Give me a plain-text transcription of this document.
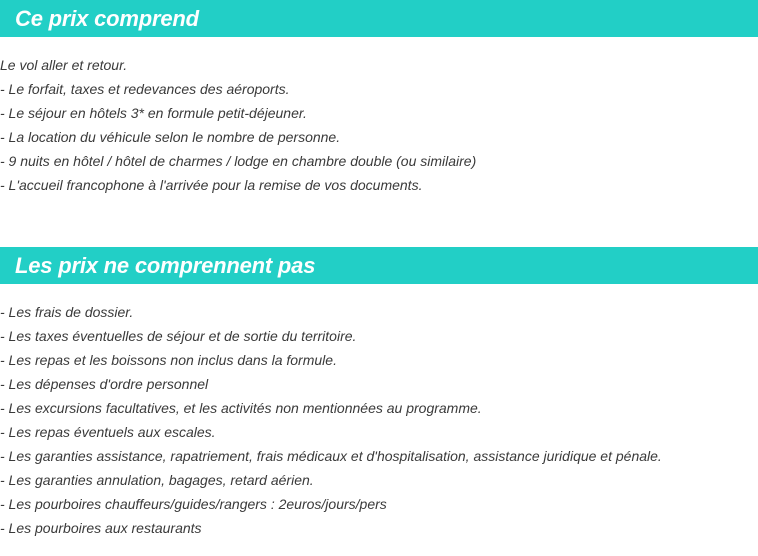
Ce prix comprend
Le vol aller et retour.
- Le forfait, taxes et redevances des aéroports.
- Le séjour en hôtels 3* en formule petit-déjeuner.
- La location du véhicule selon le nombre de personne.
- 9 nuits en hôtel / hôtel de charmes / lodge en chambre double (ou similaire)
- L'accueil francophone à l'arrivée pour la remise de vos documents.
Les prix ne comprennent pas
- Les frais de dossier.
- Les taxes éventuelles de séjour et de sortie du territoire.
- Les repas et les boissons non inclus dans la formule.
- Les dépenses d'ordre personnel
- Les excursions facultatives, et les activités non mentionnées au programme.
- Les repas éventuels aux escales.
- Les garanties assistance, rapatriement, frais médicaux et d'hospitalisation, assistance juridique et pénale.
- Les garanties annulation, bagages, retard aérien.
- Les pourboires chauffeurs/guides/rangers : 2euros/jours/pers
- Les pourboires aux restaurants
